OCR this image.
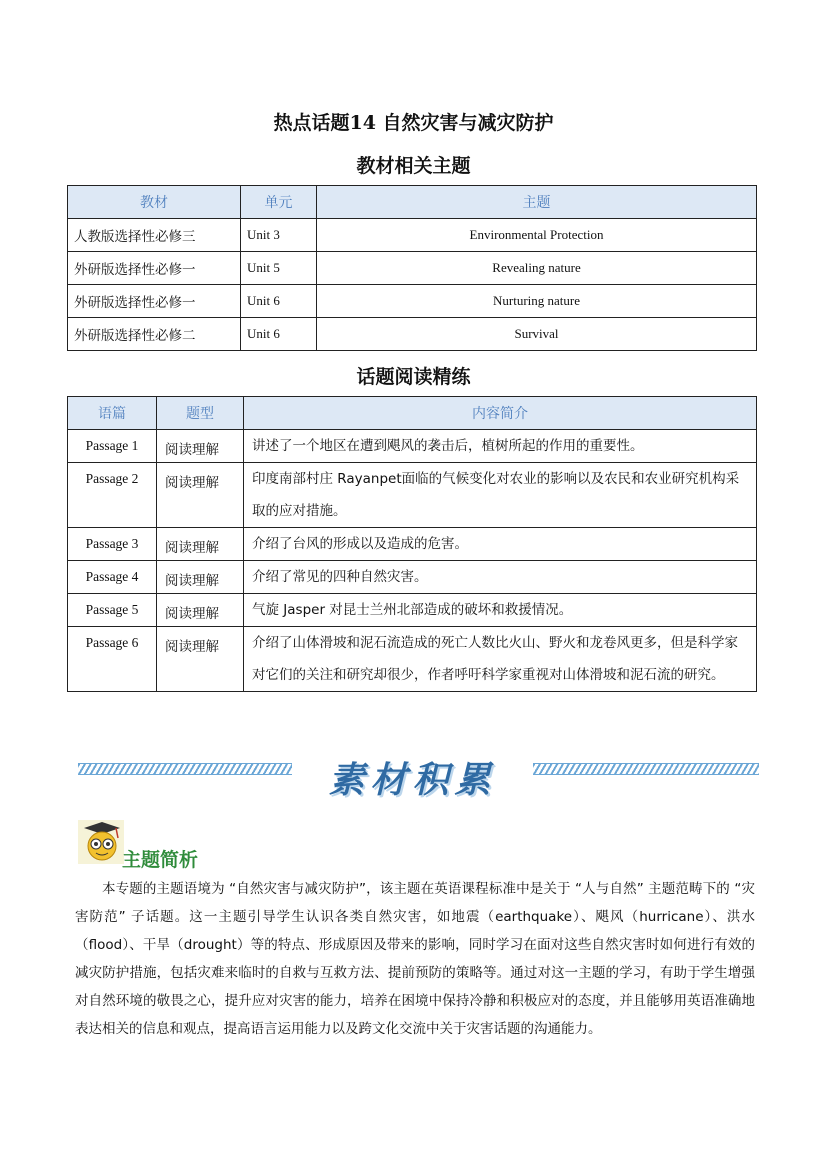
热点话题14 自然灾害与减灾防护
教材相关主题
教材	单元	主题
人教版选择性必修三	Unit 3	Environmental Protection
外研版选择性必修一	Unit 5	Revealing nature
外研版选择性必修一	Unit 6	Nurturing nature
外研版选择性必修二	Unit 6	Survival
话题阅读精练
语篇	题型	内容简介
Passage 1	阅读理解	讲述了一个地区在遭到飓风的袭击后，植树所起的作用的重要性。
Passage 2	阅读理解	印度南部村庄 Rayanpet面临的气候变化对农业的影响以及农民和农业研究机构采取的应对措施。
Passage 3	阅读理解	介绍了台风的形成以及造成的危害。
Passage 4	阅读理解	介绍了常见的四种自然灾害。
Passage 5	阅读理解	气旋 Jasper 对昆士兰州北部造成的破坏和救援情况。
Passage 6	阅读理解	介绍了山体滑坡和泥石流造成的死亡人数比火山、野火和龙卷风更多，但是科学家对它们的关注和研究却很少，作者呼吁科学家重视对山体滑坡和泥石流的研究。
素材积累
主题简析
本专题的主题语境为 “自然灾害与减灾防护”，该主题在英语课程标准中是关于 “人与自然” 主题范畴下的 “灾害防范” 子话题。这一主题引导学生认识各类自然灾害，如地震（earthquake）、飓风（hurricane）、洪水（flood）、干旱（drought）等的特点、形成原因及带来的影响，同时学习在面对这些自然灾害时如何进行有效的减灾防护措施，包括灾难来临时的自救与互救方法、提前预防的策略等。通过对这一主题的学习，有助于学生增强对自然环境的敬畏之心，提升应对灾害的能力，培养在困境中保持冷静和积极应对的态度，并且能够用英语准确地表达相关的信息和观点，提高语言运用能力以及跨文化交流中关于灾害话题的沟通能力。
